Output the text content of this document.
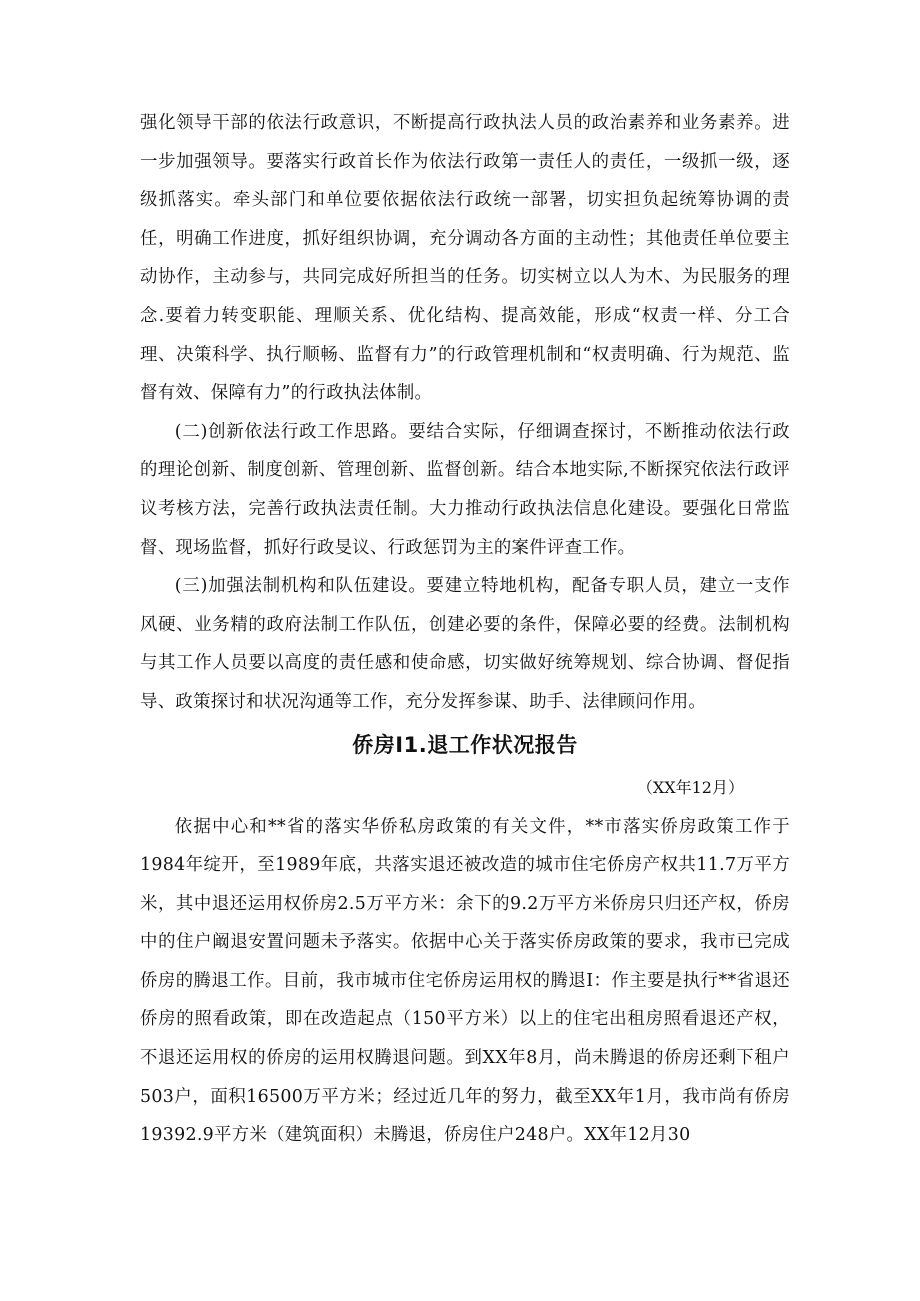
强化领导干部的依法行政意识，不断提高行政执法人员的政治素养和业务素养。进一步加强领导。要落实行政首长作为依法行政第一责任人的责任，一级抓一级，逐级抓落实。牵头部门和单位要依据依法行政统一部署，切实担负起统筹协调的责任，明确工作进度，抓好组织协调，充分调动各方面的主动性；其他责任单位要主动协作，主动参与，共同完成好所担当的任务。切实树立以人为木、为民服务的理念.要着力转变职能、理顺关系、优化结构、提高效能，形成“权责一样、分工合理、决策科学、执行顺畅、监督有力”的行政管理机制和“权责明确、行为规范、监督有效、保障有力”的行政执法体制。

(二)创新依法行政工作思路。要结合实际，仔细调查探讨，不断推动依法行政的理论创新、制度创新、管理创新、监督创新。结合本地实际,不断探究依法行政评议考核方法，完善行政执法责任制。大力推动行政执法信息化建设。要强化日常监督、现场监督，抓好行政旻议、行政惩罚为主的案件评查工作。

(三)加强法制机构和队伍建设。要建立特地机构，配备专职人员，建立一支作风硬、业务精的政府法制工作队伍，创建必要的条件，保障必要的经费。法制机构与其工作人员要以高度的责任感和使命感，切实做好统筹规划、综合协调、督促指导、政策探讨和状况沟通等工作，充分发挥参谋、助手、法律顾问作用。

侨房I1.退工作状况报告

（XX年12月）

依据中心和**省的落实华侨私房政策的有关文件，**市落实侨房政策工作于1984年绽开，至1989年底，共落实退还被改造的城市住宅侨房产权共11.7万平方米，其中退还运用权侨房2.5万平方米：余下的9.2万平方米侨房只归还产权，侨房中的住户阚退安置问题未予落实。依据中心关于落实侨房政策的要求，我市已完成侨房的腾退工作。目前，我市城市住宅侨房运用权的腾退I：作主要是执行**省退还侨房的照看政策，即在改造起点（150平方米）以上的住宅出租房照看退还产权，不退还运用权的侨房的运用权腾退问题。到XX年8月，尚未腾退的侨房还剩下租户503户，面积16500万平方米；经过近几年的努力，截至XX年1月，我市尚有侨房19392.9平方米（建筑面积）未腾退，侨房住户248户。XX年12月30
